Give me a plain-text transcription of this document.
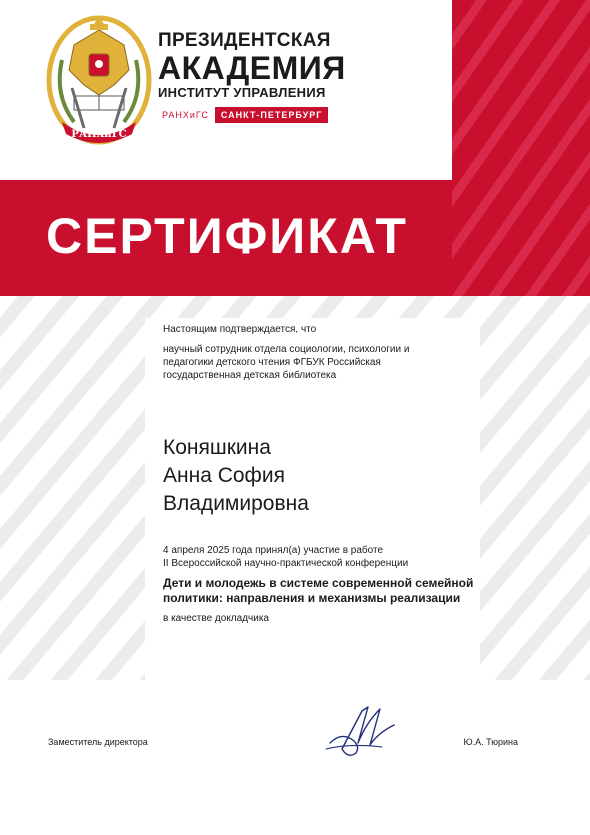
РАНХиГС
ПРЕЗИДЕНТСКАЯ
АКАДЕМИЯ
ИНСТИТУТ УПРАВЛЕНИЯ
РАНХиГС	САНКТ-ПЕТЕРБУРГ
СЕРТИФИКАТ

Настоящим подтверждается, что

научный сотрудник отдела социологии, психологии и
педагогики детского чтения ФГБУК Российская
государственная детская библиотека

Коняшкина
Анна София
Владимировна

4 апреля 2025 года принял(а) участие в работе

II Всероссийской научно-практической конференции

Дети и молодежь в системе современной семейной
политики: направления и механизмы реализации

в качестве докладчика

Заместитель директора	Ю.А. Тюрина
